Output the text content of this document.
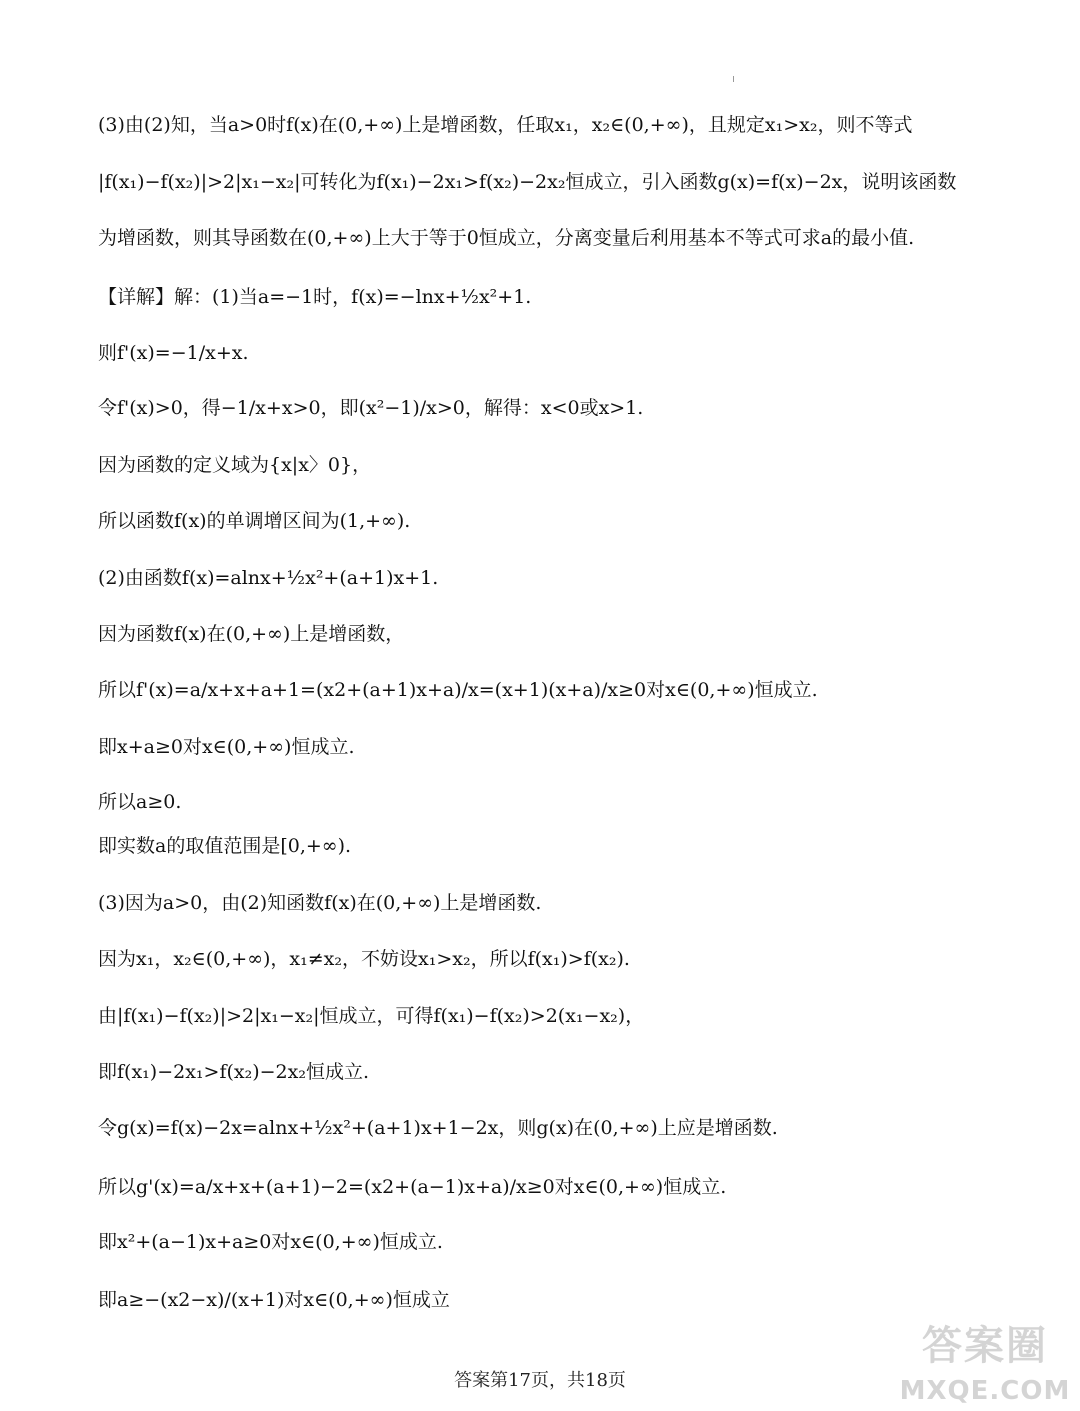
(3)由(2)知，当a>0时f(x)在(0,+∞)上是增函数，任取x₁，x₂∈(0,+∞)，且规定x₁>x₂，则不等式
|f(x₁)−f(x₂)|>2|x₁−x₂|可转化为f(x₁)−2x₁>f(x₂)−2x₂恒成立，引入函数g(x)=f(x)−2x，说明该函数
为增函数，则其导函数在(0,+∞)上大于等于0恒成立，分离变量后利用基本不等式可求a的最小值.
【详解】解：(1)当a=−1时，f(x)=−lnx+½x²+1.
则f'(x)=−1/x+x.
令f'(x)>0，得−1/x+x>0，即(x²−1)/x>0，解得：x<0或x>1.
因为函数的定义域为{x|x〉0}，
所以函数f(x)的单调增区间为(1,+∞).
(2)由函数f(x)=alnx+½x²+(a+1)x+1.
因为函数f(x)在(0,+∞)上是增函数，
所以f'(x)=a/x+x+a+1=(x2+(a+1)x+a)/x=(x+1)(x+a)/x≥0对x∈(0,+∞)恒成立.
即x+a≥0对x∈(0,+∞)恒成立.
所以a≥0.
即实数a的取值范围是[0,+∞).
(3)因为a>0，由(2)知函数f(x)在(0,+∞)上是增函数.
因为x₁，x₂∈(0,+∞)，x₁≠x₂，不妨设x₁>x₂，所以f(x₁)>f(x₂).
由|f(x₁)−f(x₂)|>2|x₁−x₂|恒成立，可得f(x₁)−f(x₂)>2(x₁−x₂)，
即f(x₁)−2x₁>f(x₂)−2x₂恒成立.
令g(x)=f(x)−2x=alnx+½x²+(a+1)x+1−2x，则g(x)在(0,+∞)上应是增函数.
所以g'(x)=a/x+x+(a+1)−2=(x2+(a−1)x+a)/x≥0对x∈(0,+∞)恒成立.
即x²+(a−1)x+a≥0对x∈(0,+∞)恒成立.
即a≥−(x2−x)/(x+1)对x∈(0,+∞)恒成立
答案第17页，共18页
答案圈
MXQE.COM
